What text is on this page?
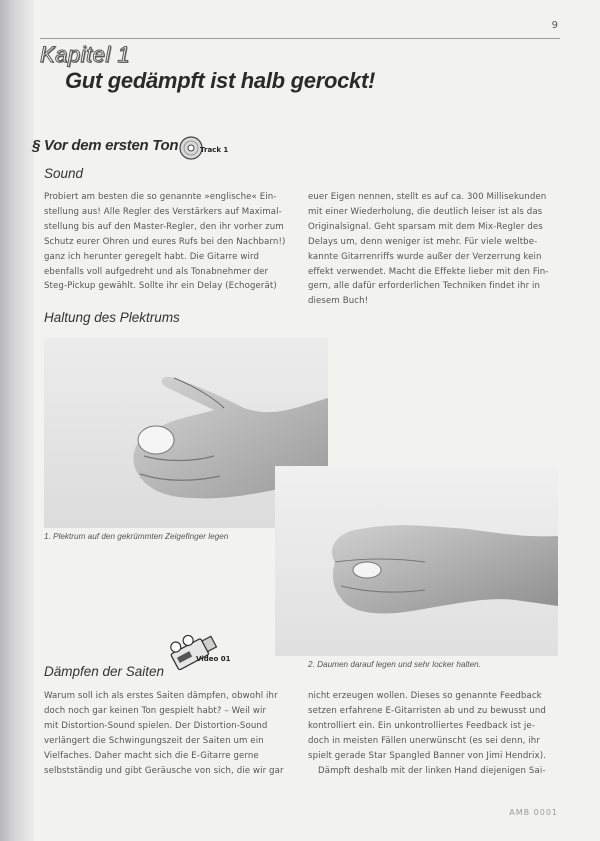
9
Kapitel 1
Gut gedämpft ist halb gerockt!
§ Vor dem ersten Ton	Track 1
Sound
Probiert am besten die so genannte »englische« Ein-
stellung aus! Alle Regler des Verstärkers auf Maximal-
stellung bis auf den Master-Regler, den ihr vorher zum
Schutz eurer Ohren und eures Rufs bei den Nachbarn!)
ganz ich herunter geregelt habt. Die Gitarre wird
ebenfalls voll aufgedreht und als Tonabnehmer der
Steg-Pickup gewählt. Sollte ihr ein Delay (Echogerät)
euer Eigen nennen, stellt es auf ca. 300 Millisekunden
mit einer Wiederholung, die deutlich leiser ist als das
Originalsignal. Geht sparsam mit dem Mix-Regler des
Delays um, denn weniger ist mehr. Für viele weltbe-
kannte Gitarrenriffs wurde außer der Verzerrung kein
effekt verwendet. Macht die Effekte lieber mit den Fin-
gern, alle dafür erforderlichen Techniken findet ihr in
diesem Buch!
Haltung des Plektrums
1. Plektrum auf den gekrümmten Zeigefinger legen
2. Daumen darauf legen und sehr locker halten.
Video 01
Dämpfen der Saiten
Warum soll ich als erstes Saiten dämpfen, obwohl ihr
doch noch gar keinen Ton gespielt habt? – Weil wir
mit Distortion-Sound spielen. Der Distortion-Sound
verlängert die Schwingungszeit der Saiten um ein
Vielfaches. Daher macht sich die E-Gitarre gerne
selbstständig und gibt Geräusche von sich, die wir gar
nicht erzeugen wollen. Dieses so genannte Feedback
setzen erfahrene E-Gitarristen ab und zu bewusst und
kontrolliert ein. Ein unkontrolliertes Feedback ist je-
doch in meisten Fällen unerwünscht (es sei denn, ihr
spielt gerade Star Spangled Banner von Jimi Hendrix).
Dämpft deshalb mit der linken Hand diejenigen Sai-
AMB 0001
